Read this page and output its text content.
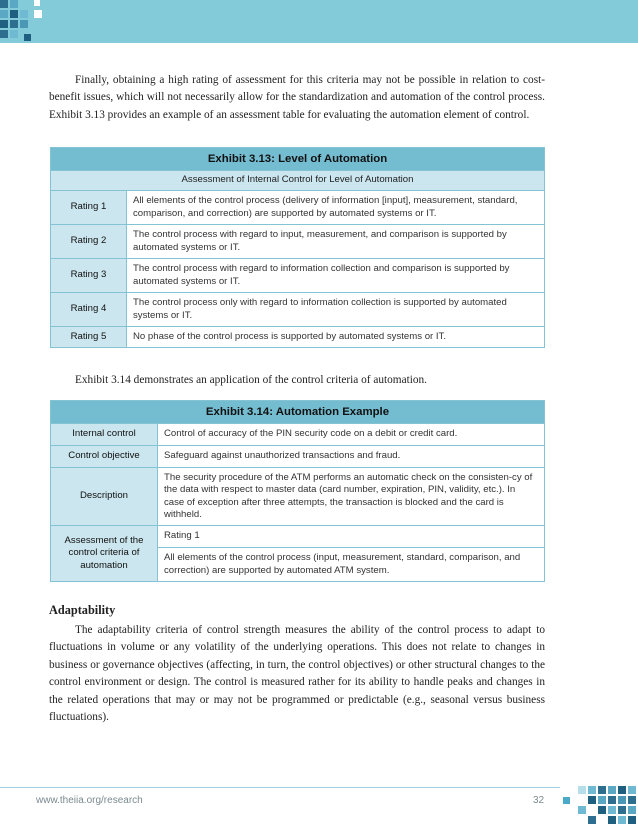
Finally, obtaining a high rating of assessment for this criteria may not be possible in relation to cost-benefit issues, which will not necessarily allow for the standardization and automation of the control process. Exhibit 3.13 provides an example of an assessment table for evaluating the automation element of control.

Exhibit 3.13: Level of Automation	
Assessment of Internal Control for Level of Automation	
Rating 1	All elements of the control process (delivery of information [input], measurement, standard, comparison, and correction) are supported by automated systems or IT.
Rating 2	The control process with regard to input, measurement, and comparison is supported by automated systems or IT.
Rating 3	The control process with regard to information collection and comparison is supported by automated systems or IT.
Rating 4	The control process only with regard to information collection is supported by automated systems or IT.
Rating 5	No phase of the control process is supported by automated systems or IT.

Exhibit 3.14 demonstrates an application of the control criteria of automation.

Exhibit 3.14: Automation Example	
Internal control	Control of accuracy of the PIN security code on a debit or credit card.
Control objective	Safeguard against unauthorized transactions and fraud.
Description	The security procedure of the ATM performs an automatic check on the consisten-cy of the data with respect to master data (card number, expiration, PIN, validity, etc.). In case of exception after three attempts, the transaction is blocked and the card is withheld.
Assessment of the control criteria of automation	Rating 1
	All elements of the control process (input, measurement, standard, comparison, and correction) are supported by automated ATM system.
Adaptability

The adaptability criteria of control strength measures the ability of the control process to adapt to fluctuations in volume or any volatility of the underlying operations. This does not relate to changes in business or governance objectives (affecting, in turn, the control objectives) or other structural changes to the control environment or design. The control is measured rather for its ability to handle peaks and changes in the related operations that may or may not be programmed or predictable (e.g., seasonal versus business fluctuations).

www.theiia.org/research	32
